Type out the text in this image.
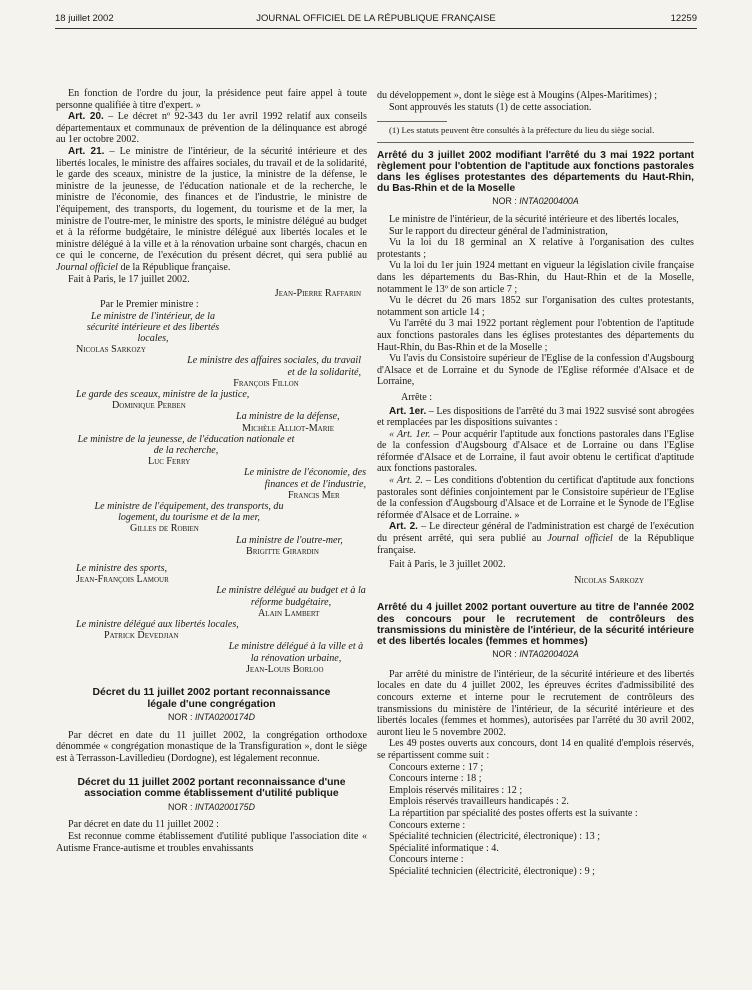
18 juillet 2002	JOURNAL OFFICIEL DE LA RÉPUBLIQUE FRANÇAISE	12259

En fonction de l'ordre du jour, la présidence peut faire appel à toute personne qualifiée à titre d'expert. »

Art. 20. – Le décret nº 92-343 du 1er avril 1992 relatif aux conseils départementaux et communaux de prévention de la délinquance est abrogé au 1er octobre 2002.

Art. 21. – Le ministre de l'intérieur, de la sécurité intérieure et des libertés locales, le ministre des affaires sociales, du travail et de la solidarité, le garde des sceaux, ministre de la justice, la ministre de la défense, le ministre de la jeunesse, de l'éducation nationale et de la recherche, le ministre de l'économie, des finances et de l'industrie, le ministre de l'équipement, des transports, du logement, du tourisme et de la mer, la ministre de l'outre-mer, le ministre des sports, le ministre délégué au budget et à la réforme budgétaire, le ministre délégué aux libertés locales et le ministre délégué à la ville et à la rénovation urbaine sont chargés, chacun en ce qui le concerne, de l'exécution du présent décret, qui sera publié au Journal officiel de la République française.

Fait à Paris, le 17 juillet 2002.

Jean-Pierre Raffarin
Par le Premier ministre :
Le ministre de l'intérieur, de la sécurité intérieure et des libertés locales,
Nicolas Sarkozy
Le ministre des affaires sociales, du travail et de la solidarité,
François Fillon
Le garde des sceaux, ministre de la justice,
Dominique Perben
La ministre de la défense,
Michèle Alliot-Marie
Le ministre de la jeunesse, de l'éducation nationale et de la recherche,
Luc Ferry
Le ministre de l'économie, des finances et de l'industrie,
Francis Mer
Le ministre de l'équipement, des transports, du logement, du tourisme et de la mer,
Gilles de Robien
La ministre de l'outre-mer,
Brigitte Girardin
Le ministre des sports,
Jean-François Lamour
Le ministre délégué au budget et à la réforme budgétaire,
Alain Lambert
Le ministre délégué aux libertés locales,
Patrick Devedjian
Le ministre délégué à la ville et à la rénovation urbaine,
Jean-Louis Borloo
Décret du 11 juillet 2002 portant reconnaissance légale d'une congrégation
NOR : INTA0200174D

Par décret en date du 11 juillet 2002, la congrégation orthodoxe dénommée « congrégation monastique de la Transfiguration », dont le siège est à Terrasson-Lavilledieu (Dordogne), est légalement reconnue.

Décret du 11 juillet 2002 portant reconnaissance d'une association comme établissement d'utilité publique
NOR : INTA0200175D

Par décret en date du 11 juillet 2002 :

Est reconnue comme établissement d'utilité publique l'association dite « Autisme France-autisme et troubles envahissants

du développement », dont le siège est à Mougins (Alpes-Maritimes) ;

Sont approuvés les statuts (1) de cette association.

(1) Les statuts peuvent être consultés à la préfecture du lieu du siège social.

Arrêté du 3 juillet 2002 modifiant l'arrêté du 3 mai 1922 portant règlement pour l'obtention de l'aptitude aux fonctions pastorales dans les églises protestantes des départements du Haut-Rhin, du Bas-Rhin et de la Moselle
NOR : INTA0200400A

Le ministre de l'intérieur, de la sécurité intérieure et des libertés locales,

Sur le rapport du directeur général de l'administration,

Vu la loi du 18 germinal an X relative à l'organisation des cultes protestants ;

Vu la loi du 1er juin 1924 mettant en vigueur la législation civile française dans les départements du Bas-Rhin, du Haut-Rhin et de la Moselle, notamment le 13º de son article 7 ;

Vu le décret du 26 mars 1852 sur l'organisation des cultes protestants, notamment son article 14 ;

Vu l'arrêté du 3 mai 1922 portant règlement pour l'obtention de l'aptitude aux fonctions pastorales dans les églises protestantes des départements du Haut-Rhin, du Bas-Rhin et de la Moselle ;

Vu l'avis du Consistoire supérieur de l'Eglise de la confession d'Augsbourg d'Alsace et de Lorraine et du Synode de l'Eglise réformée d'Alsace et de Lorraine,

Arrête :

Art. 1er. – Les dispositions de l'arrêté du 3 mai 1922 susvisé sont abrogées et remplacées par les dispositions suivantes :

« Art. 1er. – Pour acquérir l'aptitude aux fonctions pastorales dans l'Eglise de la confession d'Augsbourg d'Alsace et de Lorraine ou dans l'Eglise réformée d'Alsace et de Lorraine, il faut avoir obtenu le certificat d'aptitude aux fonctions pastorales.

« Art. 2. – Les conditions d'obtention du certificat d'aptitude aux fonctions pastorales sont définies conjointement par le Consistoire supérieur de l'Eglise de la confession d'Augsbourg d'Alsace et de Lorraine et le Synode de l'Eglise réformée d'Alsace et de Lorraine. »

Art. 2. – Le directeur général de l'administration est chargé de l'exécution du présent arrêté, qui sera publié au Journal officiel de la République française.

Fait à Paris, le 3 juillet 2002.

Nicolas Sarkozy
Arrêté du 4 juillet 2002 portant ouverture au titre de l'année 2002 des concours pour le recrutement de contrôleurs des transmissions du ministère de l'intérieur, de la sécurité intérieure et des libertés locales (femmes et hommes)
NOR : INTA0200402A

Par arrêté du ministre de l'intérieur, de la sécurité intérieure et des libertés locales en date du 4 juillet 2002, les épreuves écrites d'admissibilité des concours externe et interne pour le recrutement de contrôleurs des transmissions du ministère de l'intérieur, de la sécurité intérieure et des libertés locales (femmes et hommes), autorisées par l'arrêté du 30 avril 2002, auront lieu le 5 novembre 2002.

Les 49 postes ouverts aux concours, dont 14 en qualité d'emplois réservés, se répartissent comme suit :

Concours externe : 17 ;

Concours interne : 18 ;

Emplois réservés militaires : 12 ;

Emplois réservés travailleurs handicapés : 2.

La répartition par spécialité des postes offerts est la suivante :

Concours externe :

Spécialité technicien (électricité, électronique) : 13 ;

Spécialité informatique : 4.

Concours interne :

Spécialité technicien (électricité, électronique) : 9 ;
